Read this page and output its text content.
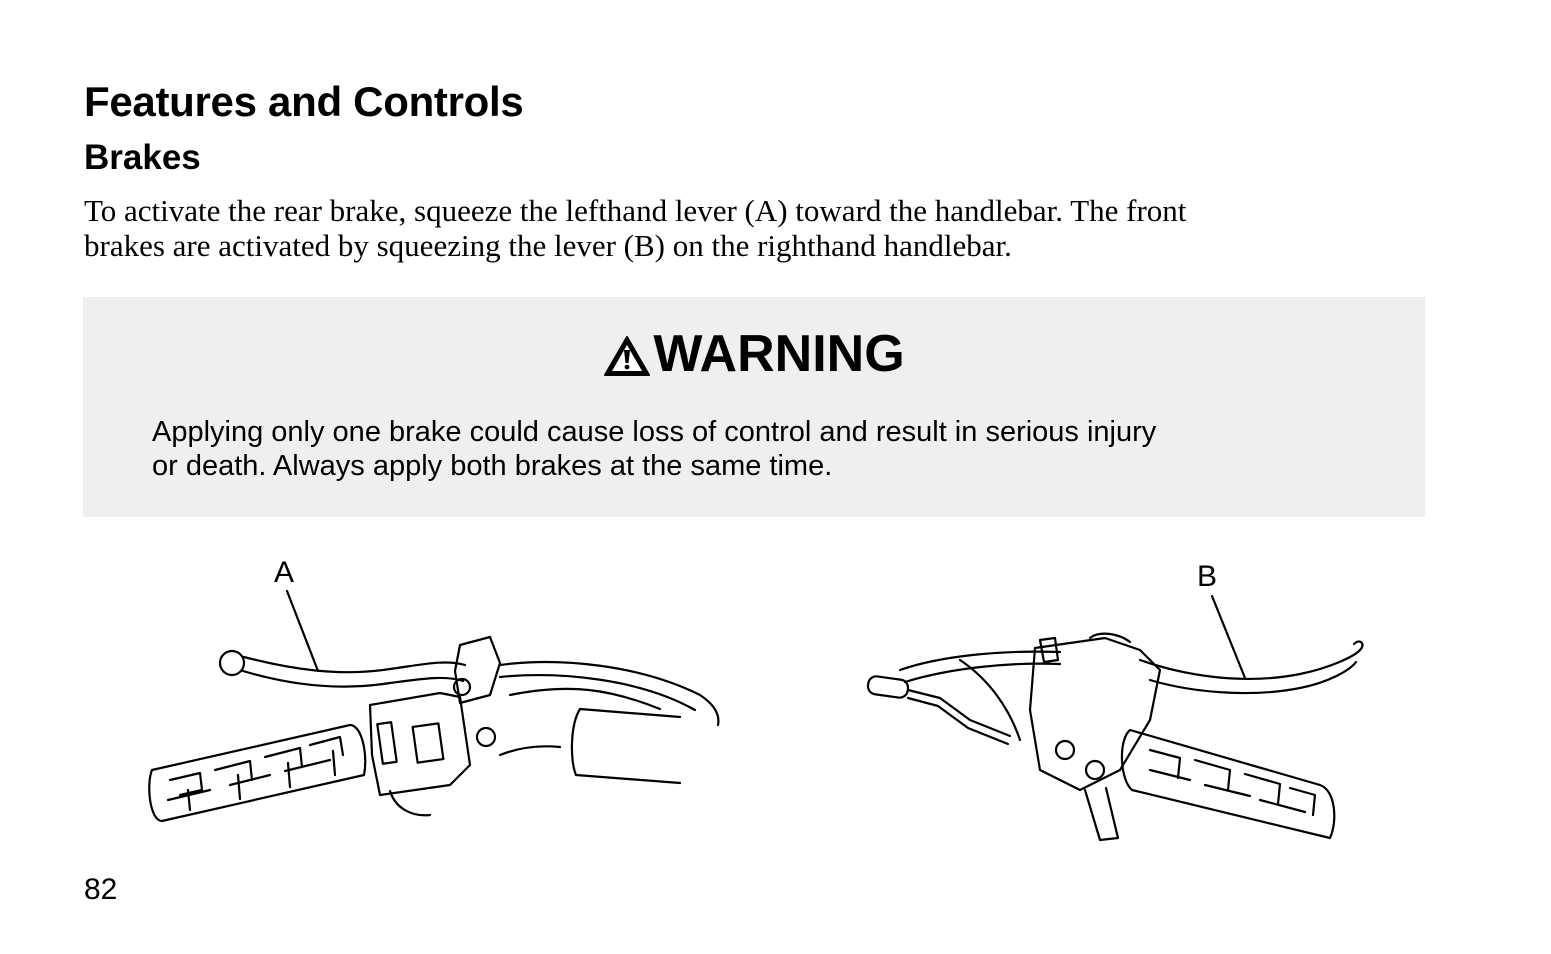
Features and Controls
Brakes

To activate the rear brake, squeeze the lefthand lever (A) toward the handlebar. The front
brakes are activated by squeezing the lever (B) on the righthand handlebar.

WARNING
Applying only one brake could cause loss of control and result in serious injury
or death. Always apply both brakes at the same time.
A	B
82
